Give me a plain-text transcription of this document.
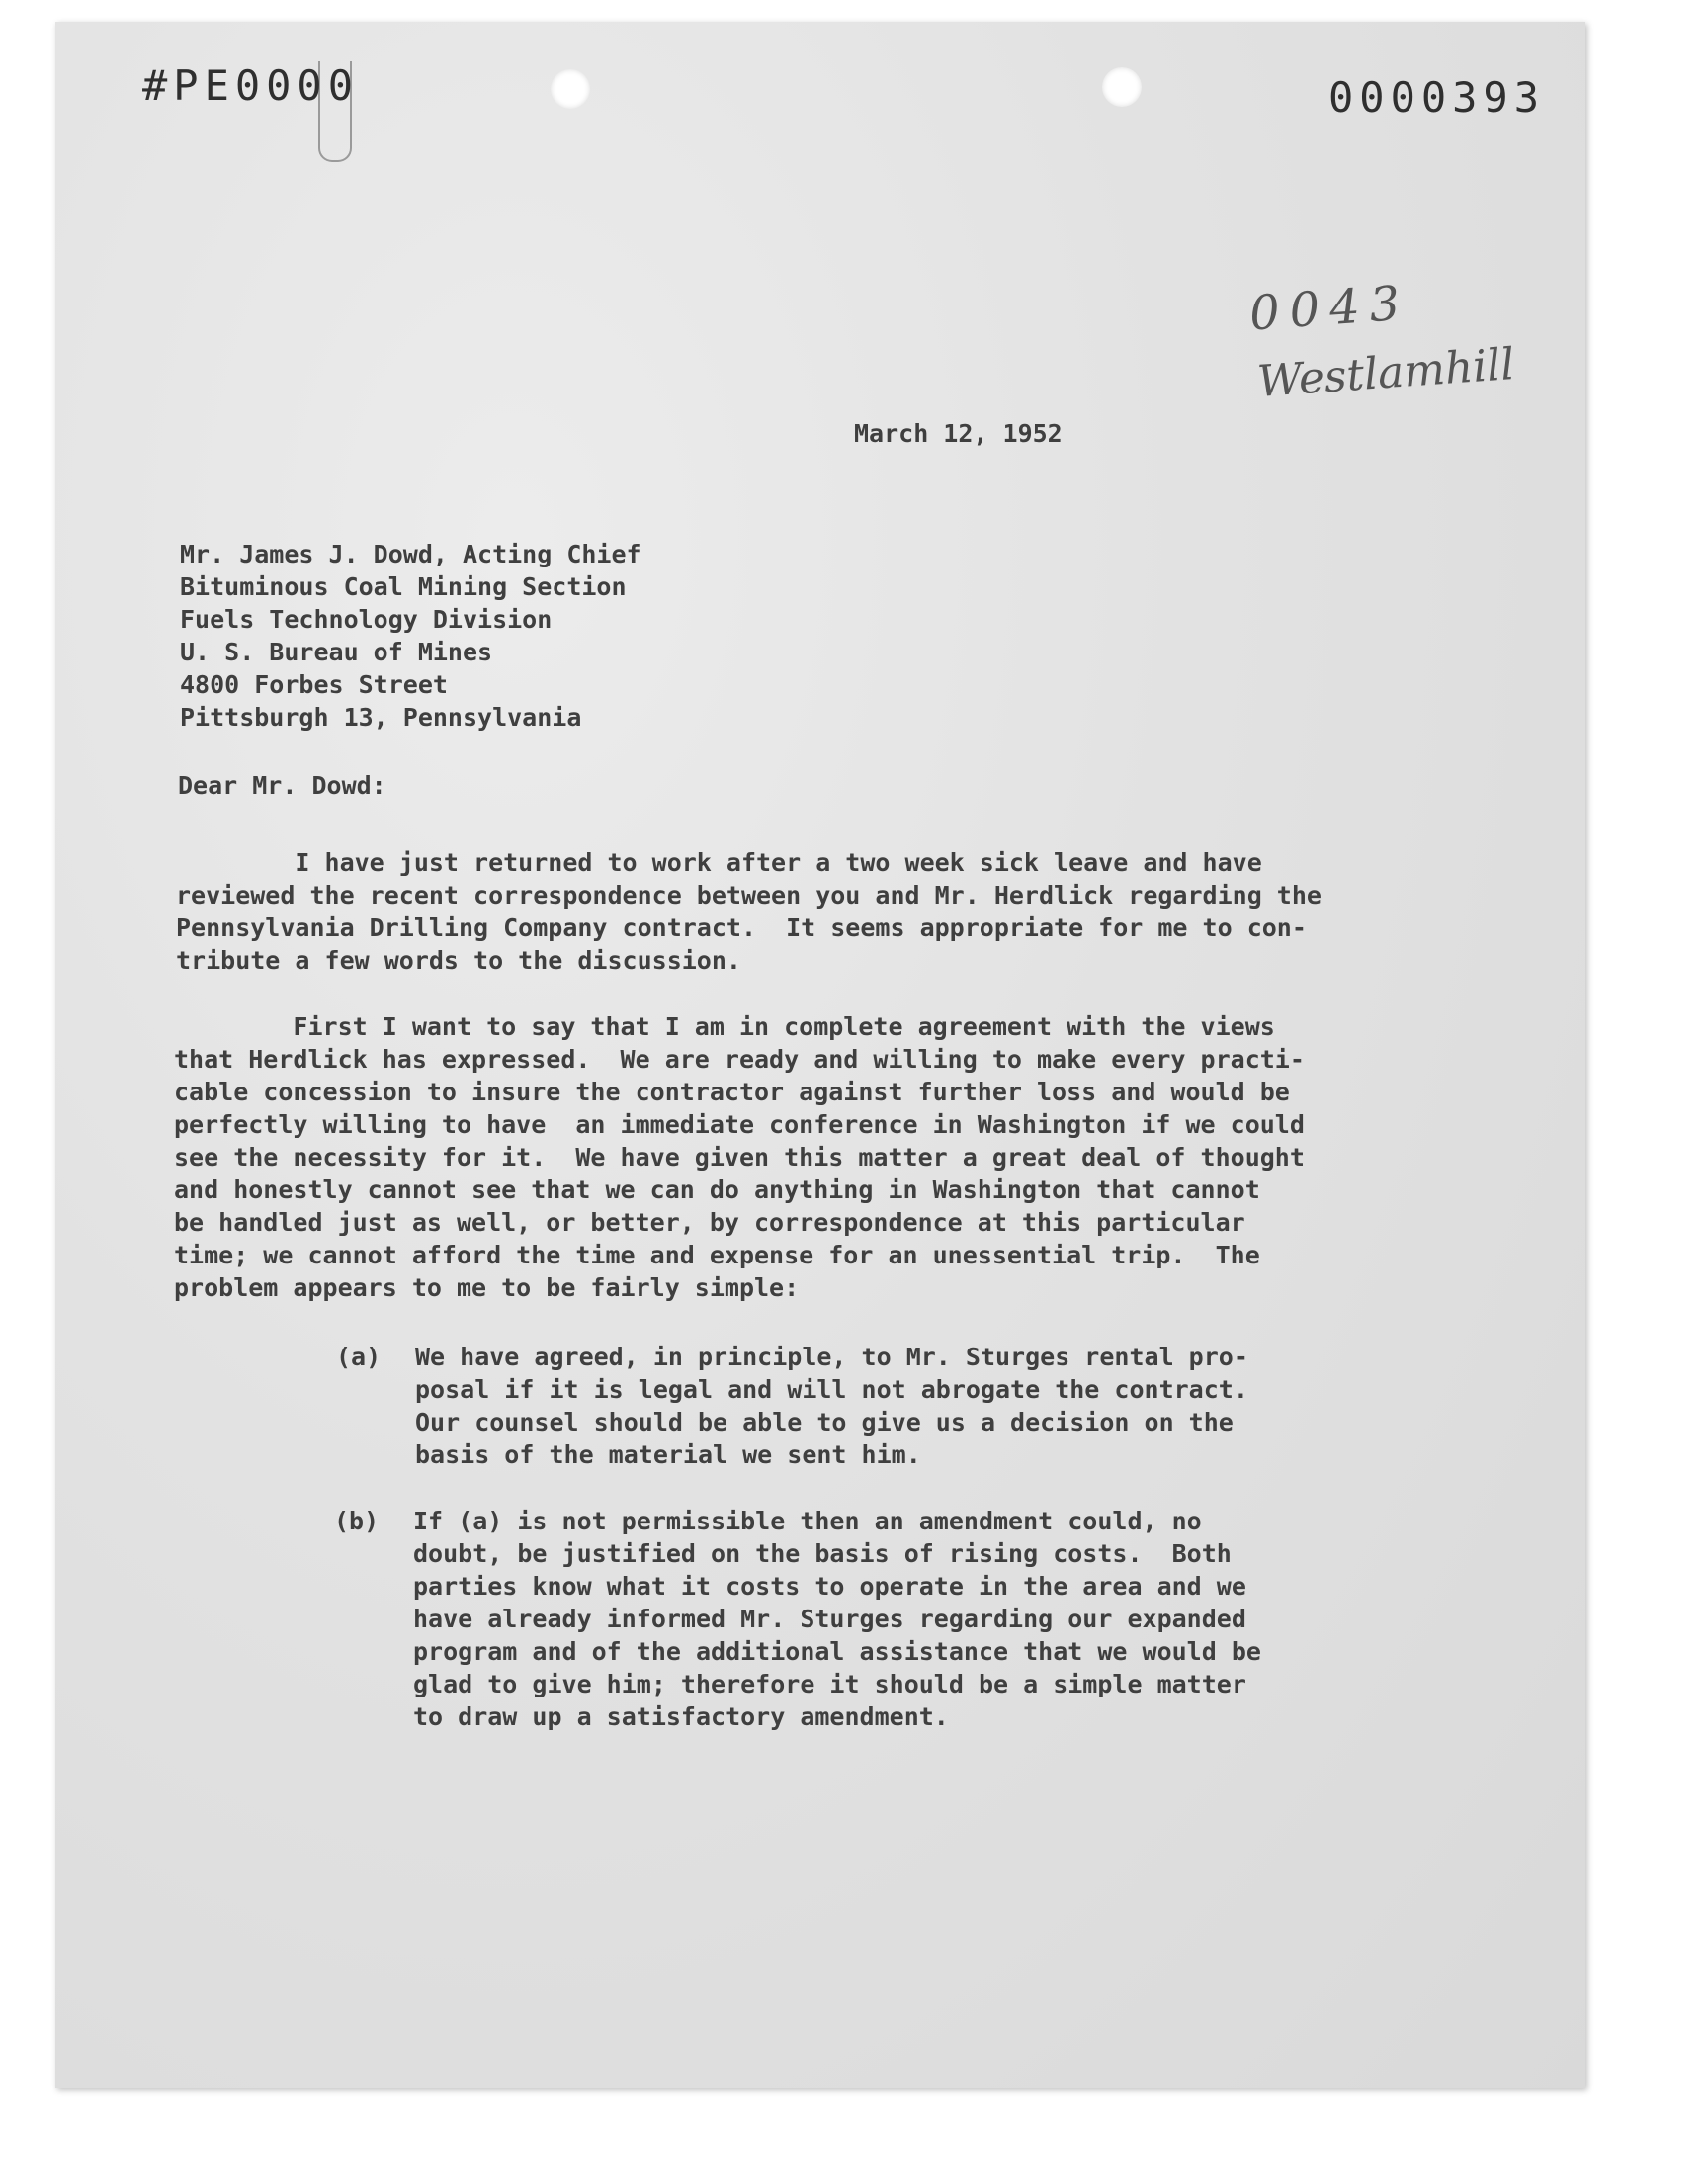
#PE0000	0000393
0043
Westlamhill
March 12, 1952
Mr. James J. Dowd, Acting Chief
Bituminous Coal Mining Section
Fuels Technology Division
U. S. Bureau of Mines
4800 Forbes Street
Pittsburgh 13, Pennsylvania
Dear Mr. Dowd:
I have just returned to work after a two week sick leave and have
reviewed the recent correspondence between you and Mr. Herdlick regarding the
Pennsylvania Drilling Company contract.  It seems appropriate for me to con-
tribute a few words to the discussion.
First I want to say that I am in complete agreement with the views
that Herdlick has expressed.  We are ready and willing to make every practi-
cable concession to insure the contractor against further loss and would be
perfectly willing to have  an immediate conference in Washington if we could
see the necessity for it.  We have given this matter a great deal of thought
and honestly cannot see that we can do anything in Washington that cannot
be handled just as well, or better, by correspondence at this particular
time; we cannot afford the time and expense for an unessential trip.  The
problem appears to me to be fairly simple:
(a) We have agreed, in principle, to Mr. Sturges rental pro-
posal if it is legal and will not abrogate the contract.
Our counsel should be able to give us a decision on the
basis of the material we sent him.
(b) If (a) is not permissible then an amendment could, no
doubt, be justified on the basis of rising costs.  Both
parties know what it costs to operate in the area and we
have already informed Mr. Sturges regarding our expanded
program and of the additional assistance that we would be
glad to give him; therefore it should be a simple matter
to draw up a satisfactory amendment.
